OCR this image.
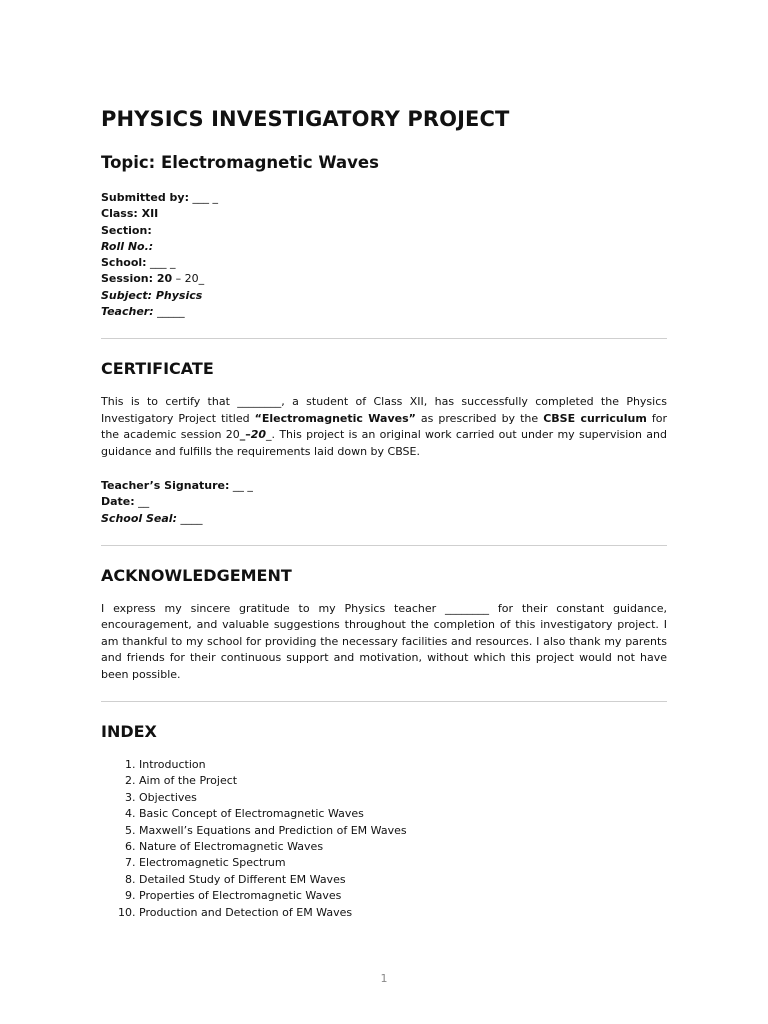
PHYSICS INVESTIGATORY PROJECT
Topic: Electromagnetic Waves
Submitted by: ___ _
Class: XII
Section:
Roll No.:
School: ___ _
Session: 20 – 20_
Subject: Physics
Teacher: _____
CERTIFICATE

This is to certify that ________, a student of Class XII, has successfully completed the Physics Investigatory Project titled “Electromagnetic Waves” as prescribed by the CBSE curriculum for the academic session 20_–20_. This project is an original work carried out under my supervision and guidance and fulfills the requirements laid down by CBSE.

Teacher’s Signature: __ _
Date: __
School Seal: ____
ACKNOWLEDGEMENT

I express my sincere gratitude to my Physics teacher ________ for their constant guidance, encouragement, and valuable suggestions throughout the completion of this investigatory project. I am thankful to my school for providing the necessary facilities and resources. I also thank my parents and friends for their continuous support and motivation, without which this project would not have been possible.

INDEX
1. Introduction
2. Aim of the Project
3. Objectives
4. Basic Concept of Electromagnetic Waves
5. Maxwell’s Equations and Prediction of EM Waves
6. Nature of Electromagnetic Waves
7. Electromagnetic Spectrum
8. Detailed Study of Different EM Waves
9. Properties of Electromagnetic Waves
10. Production and Detection of EM Waves
1
